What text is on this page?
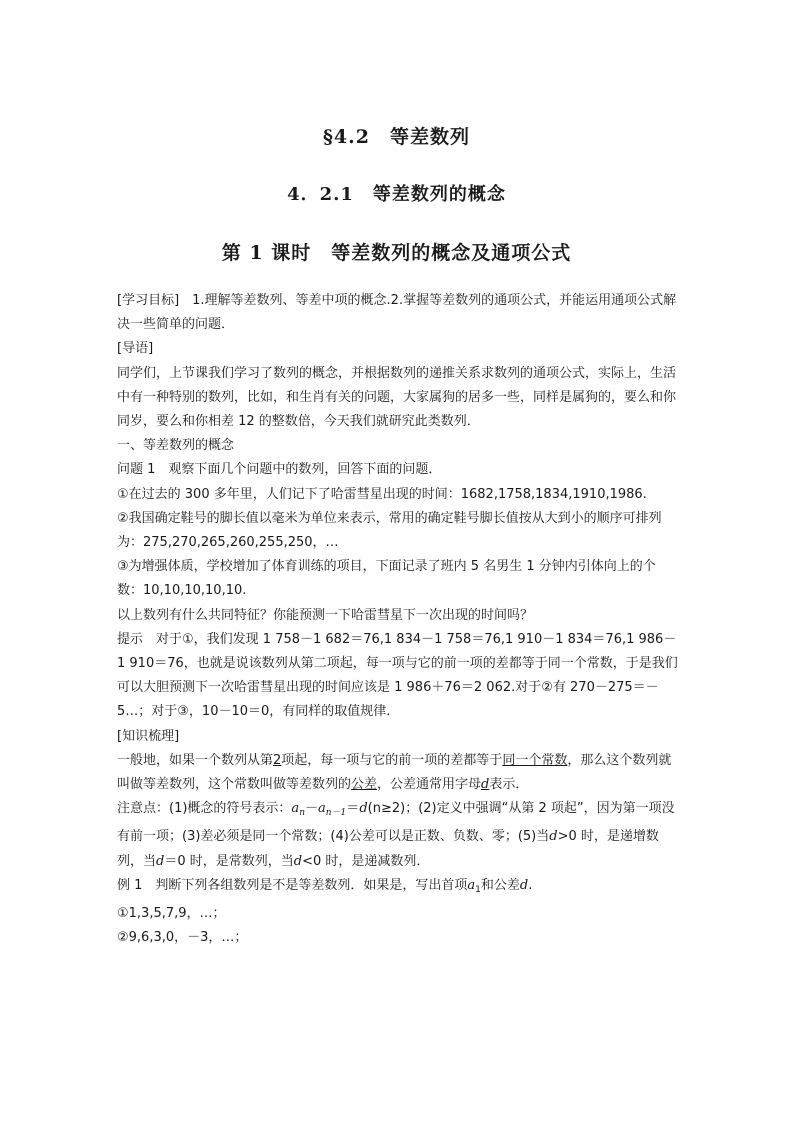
§4.2　等差数列
4．2.1　等差数列的概念
第 1 课时　等差数列的概念及通项公式

[学习目标]　1.理解等差数列、等差中项的概念.2.掌握等差数列的通项公式，并能运用通项公式解决一些简单的问题．

[导语]

同学们，上节课我们学习了数列的概念，并根据数列的递推关系求数列的通项公式，实际上，生活中有一种特别的数列，比如，和生肖有关的问题，大家属狗的居多一些，同样是属狗的，要么和你同岁，要么和你相差 12 的整数倍，今天我们就研究此类数列．

一、等差数列的概念

问题 1　观察下面几个问题中的数列，回答下面的问题．

①在过去的 300 多年里，人们记下了哈雷彗星出现的时间：1682,1758,1834,1910,1986.

②我国确定鞋号的脚长值以毫米为单位来表示，常用的确定鞋号脚长值按从大到小的顺序可排列为：275,270,265,260,255,250，…

③为增强体质，学校增加了体育训练的项目，下面记录了班内 5 名男生 1 分钟内引体向上的个数：10,10,10,10,10.

以上数列有什么共同特征？你能预测一下哈雷彗星下一次出现的时间吗？

提示　对于①，我们发现 1 758－1 682＝76,1 834－1 758＝76,1 910－1 834＝76,1 986－1 910＝76，也就是说该数列从第二项起，每一项与它的前一项的差都等于同一个常数，于是我们可以大胆预测下一次哈雷彗星出现的时间应该是 1 986＋76＝2 062.对于②有 270－275＝－5…；对于③，10－10＝0，有同样的取值规律．

[知识梳理]

一般地，如果一个数列从第2项起，每一项与它的前一项的差都等于同一个常数，那么这个数列就叫做等差数列，这个常数叫做等差数列的公差，公差通常用字母d表示．

注意点：(1)概念的符号表示：$a_n-a_{n-1}=d(n\ge 2)$；(2)定义中强调“从第 2 项起”，因为第一项没有前一项；(3)差必须是同一个常数；(4)公差可以是正数、负数、零；(5)当d>0 时，是递增数列，当d＝0 时，是常数列，当d<0 时，是递减数列．

例 1　判断下列各组数列是不是等差数列．如果是，写出首项$a_1$和公差d.

①1,3,5,7,9，…；

②9,6,3,0，－3，…；
